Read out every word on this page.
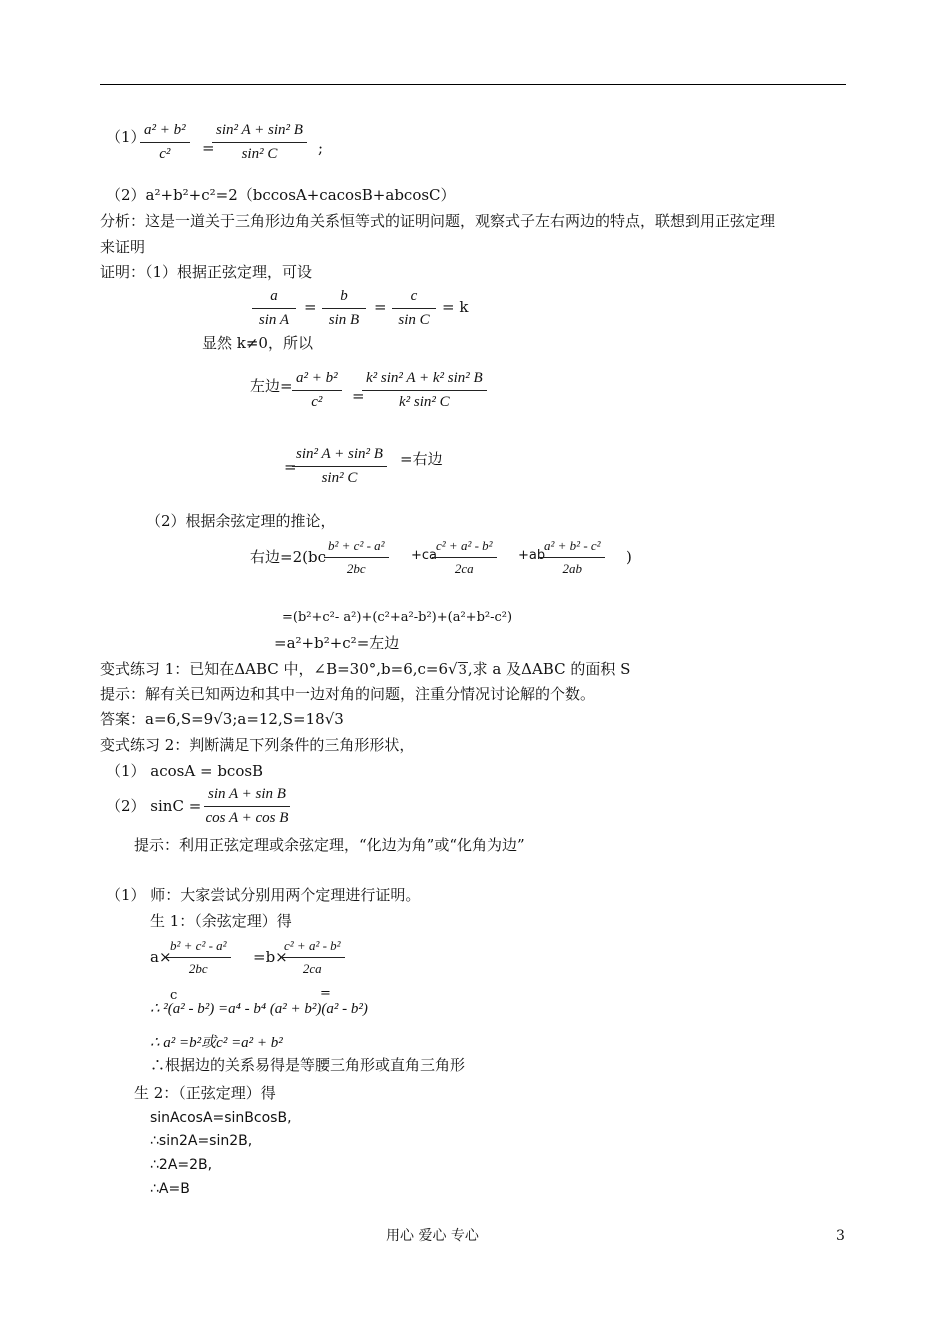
（1）
$\frac{\text{a² + b²}}{\text{c²}}$ =
$\frac{\text{sin² A + sin² B}}{\text{sin² C}}$ ;
（2）a²+b²+c²=2（bccosA+cacosB+abcosC）
分析：这是一道关于三角形边角关系恒等式的证明问题，观察式子左右两边的特点，联想到用正弦定理
来证明
证明：（1）根据正弦定理，可设
$\frac{a}{\text{sin A}} = \frac{b}{\text{sin B}} = \frac{c}{\text{sin C}} = k$
显然 k≠0，所以
左边= $\frac{\text{a² + b²}}{\text{c²}}$ =
$\frac{\text{k² sin² A + k² sin² B}}{\text{k² sin² C}}$
=
$\frac{\text{sin² A + sin² B}}{\text{sin² C}}$ =右边
（2）根据余弦定理的推论，
右边=2(bc
$\frac{\text{b² + c² - a²}}{2bc} +ca$
$\frac{\text{c² + a² - b²}}{2ca} +ab$
$\frac{\text{a² + b² - c²}}{2ab}$ )
=(b²+c²- a²)+(c²+a²-b²)+(a²+b²-c²)
=a²+b²+c²=左边
变式练习 1：已知在ΔABC 中，∠B=30°,b=6,c=6√3,求 a 及ΔABC 的面积 S
提示：解有关已知两边和其中一边对角的问题，注重分情况讨论解的个数。
答案：a=6,S=9√3;a=12,S=18√3
变式练习 2：判断满足下列条件的三角形形状，
（1） acosA = bcosB
（2） $\sin C = \frac{\text{sin A + sin B}}{\text{cos A + cos B}}$
提示：利用正弦定理或余弦定理，“化边为角”或“化角为边”
（1） 师：大家尝试分别用两个定理进行证明。
生 1：（余弦定理）得
a×
$\frac{\text{b² + c² - a²}}{2bc} =b\times$
$\frac{\text{c² + a² - b²}}{2ca}$
c	=
∴ ²(a² - b²) =a⁴ - b⁴ (a² + b²)(a² - b²)
∴ a² =b²或c² =a² + b²
∴根据边的关系易得是等腰三角形或直角三角形
生 2：（正弦定理）得
sinAcosA=sinBcosB,
∴sin2A=sin2B,
∴2A=2B,
∴A=B
用心 爱心 专心	3
